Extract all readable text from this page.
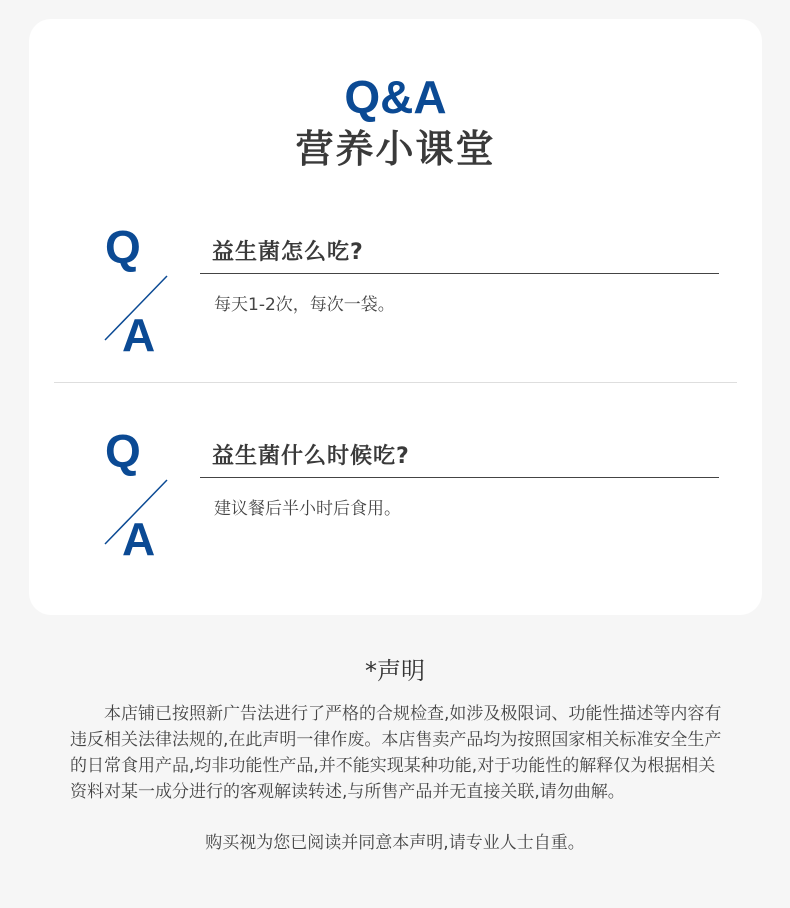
Q&A
营养小课堂
Q
A
益生菌怎么吃?
每天1-2次，每次一袋。
Q
A
益生菌什么时候吃?
建议餐后半小时后食用。
*声明

本店铺已按照新广告法进行了严格的合规检查,如涉及极限词、功能性描述等内容有违反相关法律法规的,在此声明一律作废。本店售卖产品均为按照国家相关标准安全生产的日常食用产品,均非功能性产品,并不能实现某种功能,对于功能性的解释仅为根据相关资料对某一成分进行的客观解读转述,与所售产品并无直接关联,请勿曲解。

购买视为您已阅读并同意本声明,请专业人士自重。
